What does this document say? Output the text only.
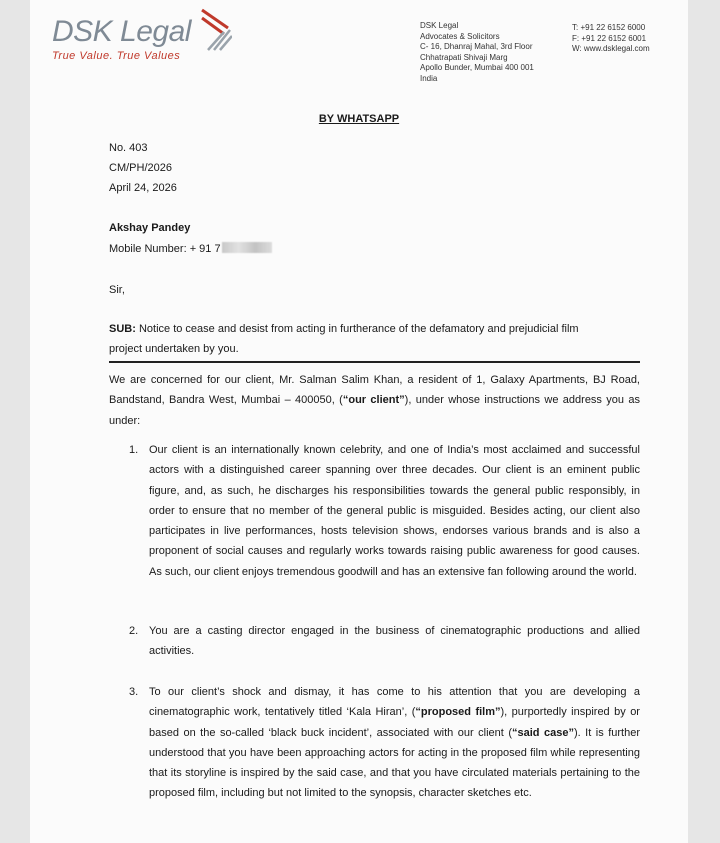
DSK Legal
True Value. True Values
DSK Legal
Advocates & Solicitors
C- 16, Dhanraj Mahal, 3rd Floor
Chhatrapati Shivaji Marg
Apollo Bunder, Mumbai 400 001
India
T: +91 22 6152 6000
F: +91 22 6152 6001
W: www.dsklegal.com
BY WHATSAPP
No. 403
CM/PH/2026
April 24, 2026
Akshay Pandey
Mobile Number: + 91 7
Sir,
SUB: Notice to cease and desist from acting in furtherance of the defamatory and prejudicial film
project undertaken by you.
We are concerned for our client, Mr. Salman Salim Khan, a resident of 1, Galaxy Apartments, BJ Road, Bandstand, Bandra West, Mumbai – 400050, (“our client”), under whose instructions we address you as under:
1. Our client is an internationally known celebrity, and one of India’s most acclaimed and successful actors with a distinguished career spanning over three decades. Our client is an eminent public figure, and, as such, he discharges his responsibilities towards the general public responsibly, in order to ensure that no member of the general public is misguided. Besides acting, our client also participates in live performances, hosts television shows, endorses various brands and is also a proponent of social causes and regularly works towards raising public awareness for good causes. As such, our client enjoys tremendous goodwill and has an extensive fan following around the world.
2. You are a casting director engaged in the business of cinematographic productions and allied activities.
3. To our client’s shock and dismay, it has come to his attention that you are developing a cinematographic work, tentatively titled ‘Kala Hiran’, (“proposed film”), purportedly inspired by or based on the so-called ‘black buck incident’, associated with our client (“said case”). It is further understood that you have been approaching actors for acting in the proposed film while representing that its storyline is inspired by the said case, and that you have circulated materials pertaining to the proposed film, including but not limited to the synopsis, character sketches etc.
